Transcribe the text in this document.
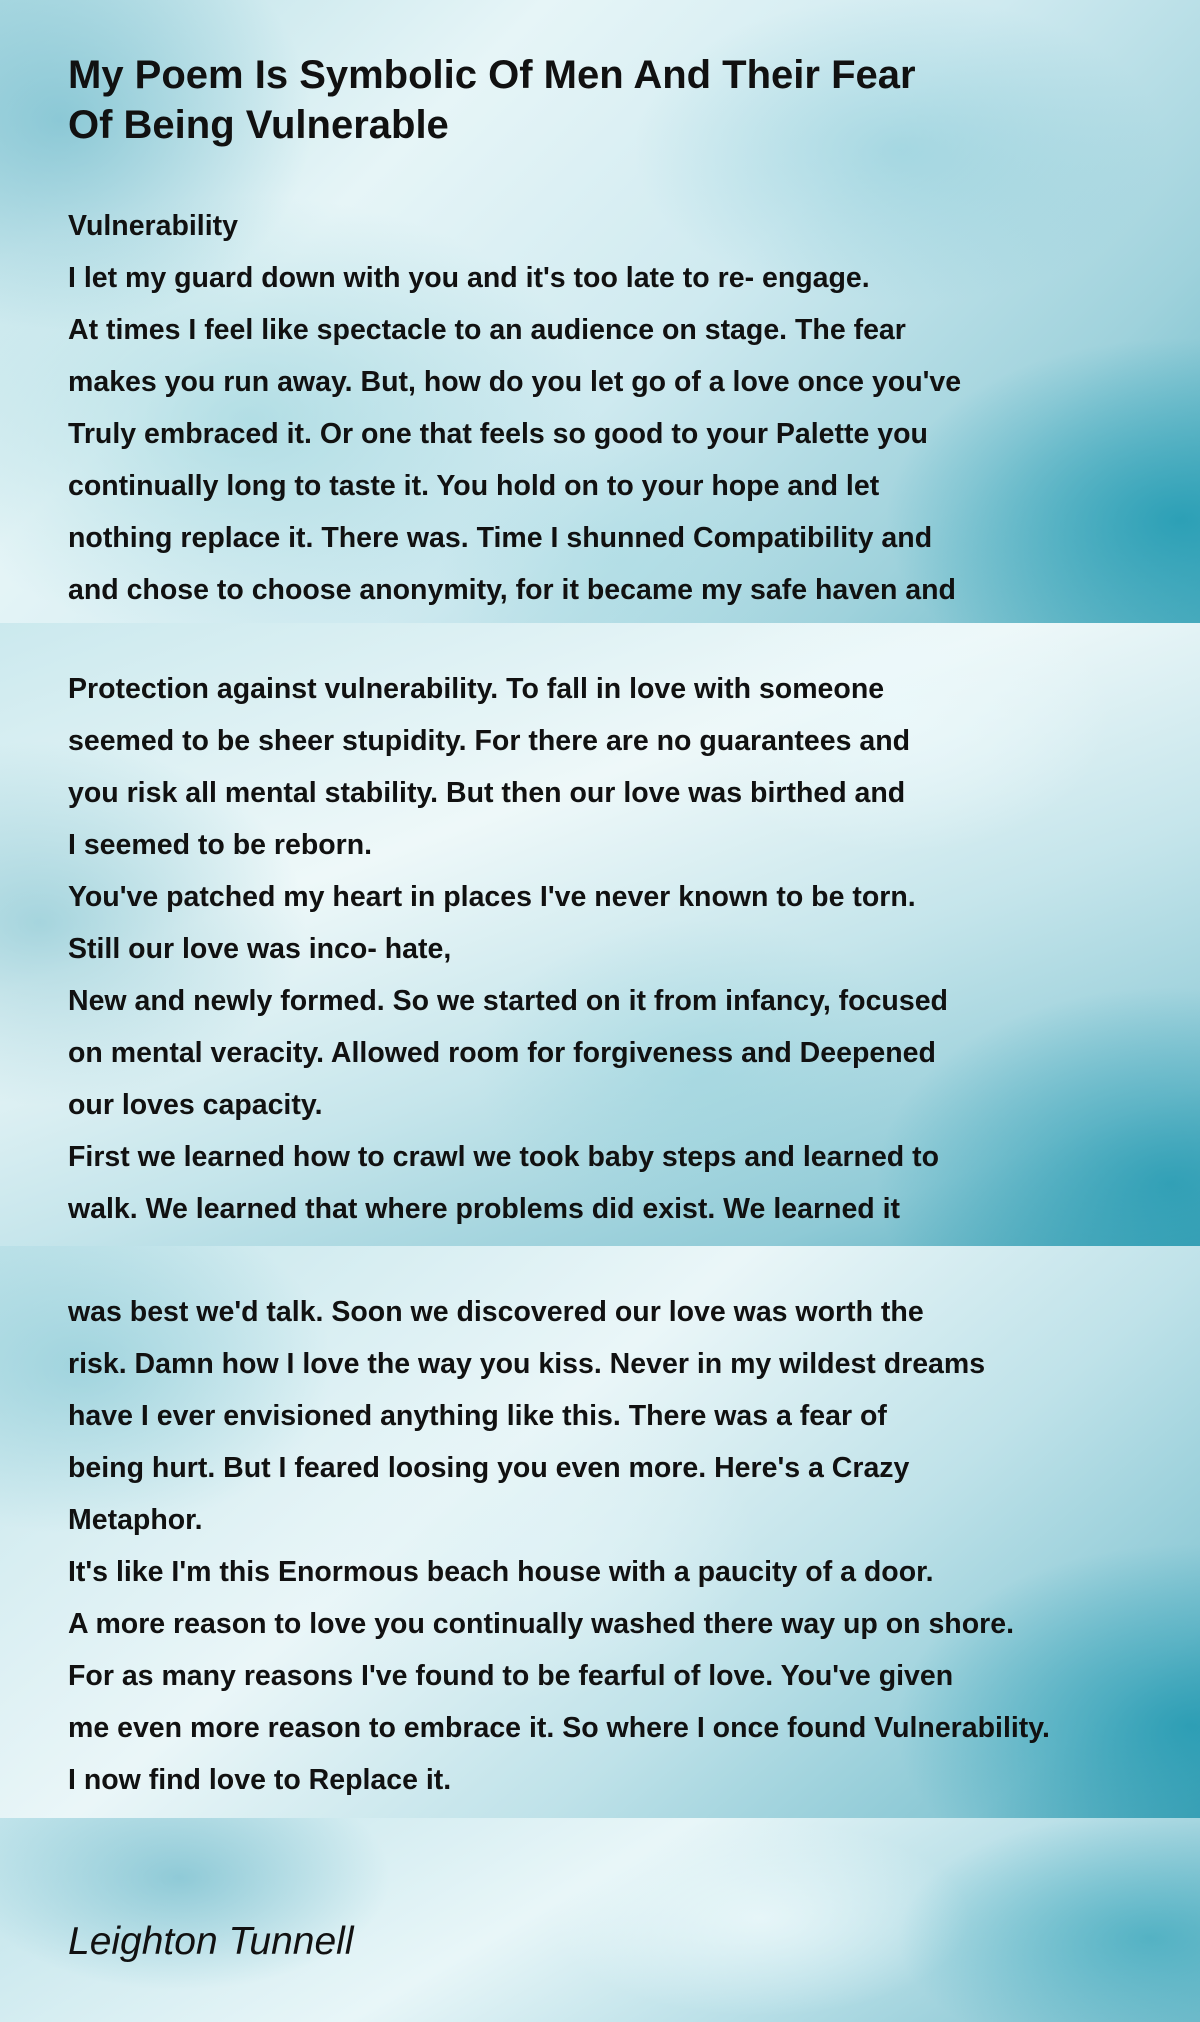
My Poem Is Symbolic Of Men And Their Fear
Of Being Vulnerable
Vulnerability
I let my guard down with you and it's too late to re- engage.
At times I feel like spectacle to an audience on stage. The fear
makes you run away. But, how do you let go of a love once you've
Truly embraced it. Or one that feels so good to your Palette you
continually long to taste it. You hold on to your hope and let
nothing replace it. There was. Time I shunned Compatibility and
and chose to choose anonymity, for it became my safe haven and
Protection against vulnerability. To fall in love with someone
seemed to be sheer stupidity. For there are no guarantees and
you risk all mental stability. But then our love was birthed and
I seemed to be reborn.
You've patched my heart in places I've never known to be torn.
Still our love was inco- hate,
New and newly formed. So we started on it from infancy, focused
on mental veracity. Allowed room for forgiveness and Deepened
our loves capacity.
First we learned how to crawl we took baby steps and learned to
walk. We learned that where problems did exist. We learned it
was best we'd talk. Soon we discovered our love was worth the
risk. Damn how I love the way you kiss. Never in my wildest dreams
have I ever envisioned anything like this. There was a fear of
being hurt. But I feared loosing you even more. Here's a Crazy
Metaphor.
It's like I'm this Enormous beach house with a paucity of a door.
A more reason to love you continually washed there way up on shore.
For as many reasons I've found to be fearful of love. You've given
me even more reason to embrace it. So where I once found Vulnerability.
I now find love to Replace it.
Leighton Tunnell
